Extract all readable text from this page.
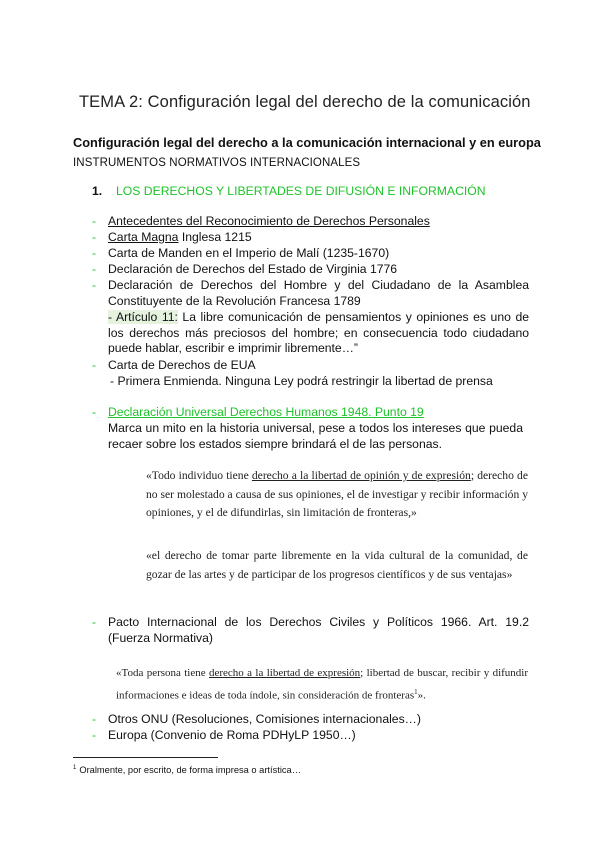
TEMA 2: Configuración legal del derecho de la comunicación
Configuración legal del derecho a la comunicación internacional y en europa
INSTRUMENTOS NORMATIVOS INTERNACIONALES
1. LOS DERECHOS Y LIBERTADES DE DIFUSIÓN E INFORMACIÓN
-
-
-
-
-
-
-
-
-
-
Antecedentes del Reconocimiento de Derechos Personales
Carta Magna Inglesa 1215
Carta de Manden en el Imperio de Malí (1235-1670)
Declaración de Derechos del Estado de Virginia 1776
Declaración de Derechos del Hombre y del Ciudadano de la Asamblea Constituyente de la Revolución Francesa 1789
- Artículo 11: La libre comunicación de pensamientos y opiniones es uno de los derechos más preciosos del hombre; en consecuencia todo ciudadano puede hablar, escribir e imprimir libremente…”
Carta de Derechos de EUA
- Primera Enmienda. Ninguna Ley podrá restringir la libertad de prensa
Declaración Universal Derechos Humanos 1948. Punto 19
Marca un mito en la historia universal, pese a todos los intereses que pueda recaer sobre los estados siempre brindará el de las personas.
«Todo individuo tiene derecho a la libertad de opinión y de expresión; derecho de no ser molestado a causa de sus opiniones, el de investigar y recibir información y opiniones, y el de difundirlas, sin limitación de fronteras,»
«el derecho de tomar parte libremente en la vida cultural de la comunidad, de gozar de las artes y de participar de los progresos científicos y de sus ventajas»
Pacto Internacional de los Derechos Civiles y Políticos 1966. Art. 19.2 (Fuerza Normativa)
«Toda persona tiene derecho a la libertad de expresión; libertad de buscar, recibir y difundir informaciones e ideas de toda índole, sin consideración de fronteras$^1$».
Otros ONU (Resoluciones, Comisiones internacionales…)
Europa (Convenio de Roma PDHyLP 1950…)
$^1$ Oralmente, por escrito, de forma impresa o artística…
